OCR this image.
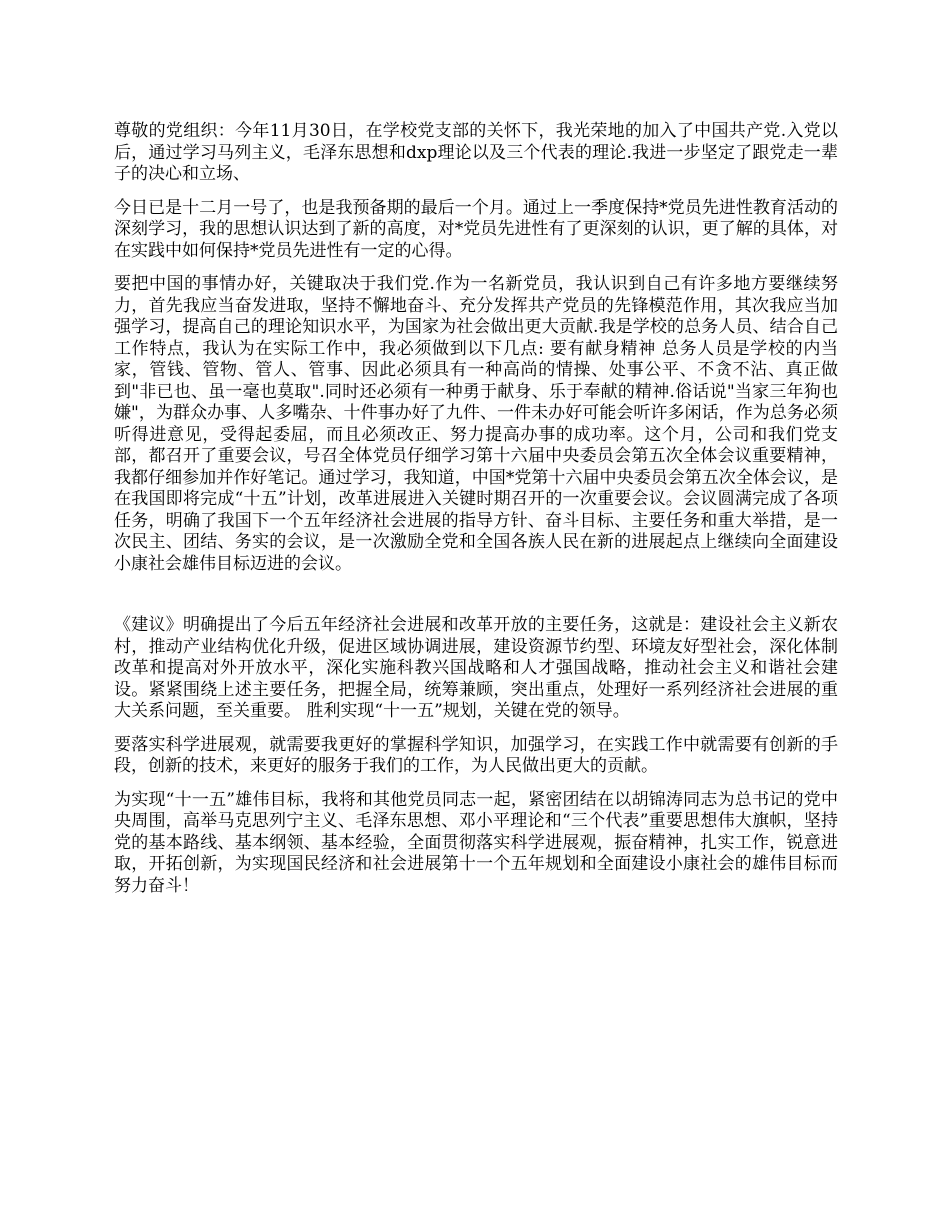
尊敬的党组织：今年11月30日，在学校党支部的关怀下，我光荣地的加入了中国共产党.入党以后，通过学习马列主义，毛泽东思想和dxp理论以及三个代表的理论.我进一步坚定了跟党走一辈子的决心和立场、

今日已是十二月一号了，也是我预备期的最后一个月。通过上一季度保持*党员先进性教育活动的深刻学习，我的思想认识达到了新的高度，对*党员先进性有了更深刻的认识，更了解的具体，对在实践中如何保持*党员先进性有一定的心得。

要把中国的事情办好，关键取决于我们党.作为一名新党员，我认识到自己有许多地方要继续努力，首先我应当奋发进取，坚持不懈地奋斗、充分发挥共产党员的先锋模范作用，其次我应当加强学习，提高自己的理论知识水平，为国家为社会做出更大贡献.我是学校的总务人员、结合自己工作特点，我认为在实际工作中，我必须做到以下几点: 要有献身精神 总务人员是学校的内当家，管钱、管物、管人、管事、因此必须具有一种高尚的情操、处事公平、不贪不沾、真正做到"非已也、虽一毫也莫取".同时还必须有一种勇于献身、乐于奉献的精神.俗话说"当家三年狗也嫌"，为群众办事、人多嘴杂、十件事办好了九件、一件未办好可能会听许多闲话，作为总务必须听得进意见，受得起委屈，而且必须改正、努力提高办事的成功率。这个月，公司和我们党支部，都召开了重要会议，号召全体党员仔细学习第十六届中央委员会第五次全体会议重要精神，我都仔细参加并作好笔记。通过学习，我知道，中国*党第十六届中央委员会第五次全体会议，是在我国即将完成“十五”计划，改革进展进入关键时期召开的一次重要会议。会议圆满完成了各项任务，明确了我国下一个五年经济社会进展的指导方针、奋斗目标、主要任务和重大举措，是一次民主、团结、务实的会议，是一次激励全党和全国各族人民在新的进展起点上继续向全面建设小康社会雄伟目标迈进的会议。

《建议》明确提出了今后五年经济社会进展和改革开放的主要任务，这就是：建设社会主义新农村，推动产业结构优化升级，促进区域协调进展，建设资源节约型、环境友好型社会，深化体制改革和提高对外开放水平，深化实施科教兴国战略和人才强国战略，推动社会主义和谐社会建设。紧紧围绕上述主要任务，把握全局，统筹兼顾，突出重点，处理好一系列经济社会进展的重大关系问题，至关重要。 胜利实现“十一五”规划，关键在党的领导。

要落实科学进展观，就需要我更好的掌握科学知识，加强学习，在实践工作中就需要有创新的手段，创新的技术，来更好的服务于我们的工作，为人民做出更大的贡献。

为实现“十一五”雄伟目标，我将和其他党员同志一起，紧密团结在以胡锦涛同志为总书记的党中央周围，高举马克思列宁主义、毛泽东思想、邓小平理论和“三个代表”重要思想伟大旗帜，坚持党的基本路线、基本纲领、基本经验，全面贯彻落实科学进展观，振奋精神，扎实工作，锐意进取，开拓创新，为实现国民经济和社会进展第十一个五年规划和全面建设小康社会的雄伟目标而努力奋斗！
